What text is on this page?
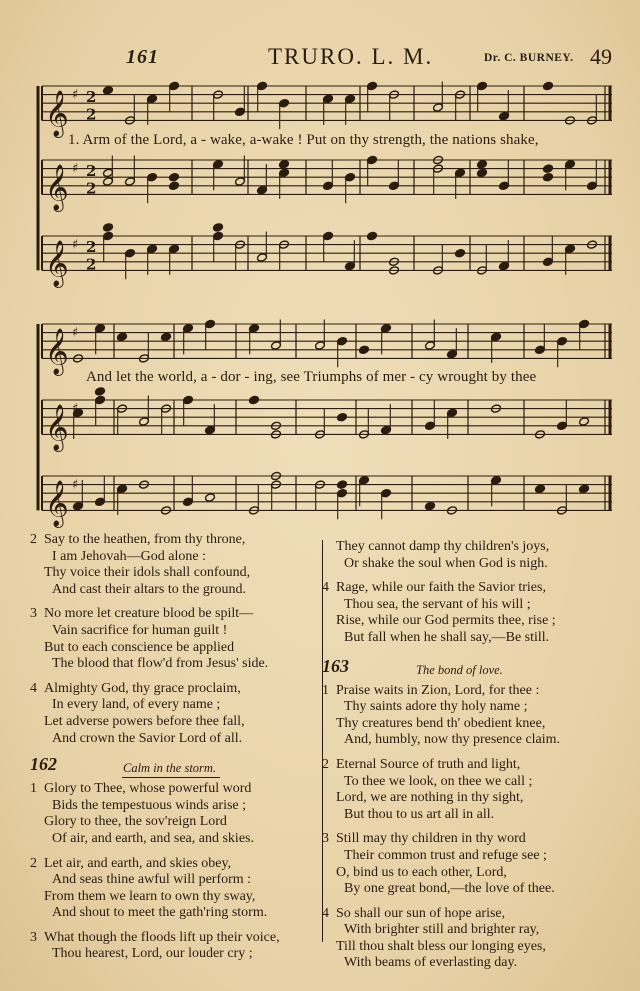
161	TRURO. L. M.	Dr. C. BURNEY. 49
𝄞 ♯ 2
2
𝄞 ♯ 2
2
𝄞 ♯ 2
2
𝄞 ♯
𝄞 ♯
𝄞 ♯
1. Arm of the Lord, a - wake, a-wake ! Put on thy strength, the nations shake,
And let the world, a - dor - ing, see Triumphs of mer - cy wrought by thee

2 Say to the heathen, from thy throne,

I am Jehovah—God alone :

Thy voice their idols shall confound,

And cast their altars to the ground.

3 No more let creature blood be spilt—

Vain sacrifice for human guilt !

But to each conscience be applied

The blood that flow'd from Jesus' side.

4 Almighty God, thy grace proclaim,

In every land, of every name ;

Let adverse powers before thee fall,

And crown the Savior Lord of all.

162	Calm in the storm.

1 Glory to Thee, whose powerful word

Bids the tempestuous winds arise ;

Glory to thee, the sov'reign Lord

Of air, and earth, and sea, and skies.

2 Let air, and earth, and skies obey,

And seas thine awful will perform :

From them we learn to own thy sway,

And shout to meet the gath'ring storm.

3 What though the floods lift up their voice,

Thou hearest, Lord, our louder cry ;

They cannot damp thy children's joys,

Or shake the soul when God is nigh.

4 Rage, while our faith the Savior tries,

Thou sea, the servant of his will ;

Rise, while our God permits thee, rise ;

But fall when he shall say,—Be still.

163	The bond of love.

1 Praise waits in Zion, Lord, for thee :

Thy saints adore thy holy name ;

Thy creatures bend th' obedient knee,

And, humbly, now thy presence claim.

2 Eternal Source of truth and light,

To thee we look, on thee we call ;

Lord, we are nothing in thy sight,

But thou to us art all in all.

3 Still may thy children in thy word

Their common trust and refuge see ;

O, bind us to each other, Lord,

By one great bond,—the love of thee.

4 So shall our sun of hope arise,

With brighter still and brighter ray,

Till thou shalt bless our longing eyes,

With beams of everlasting day.
